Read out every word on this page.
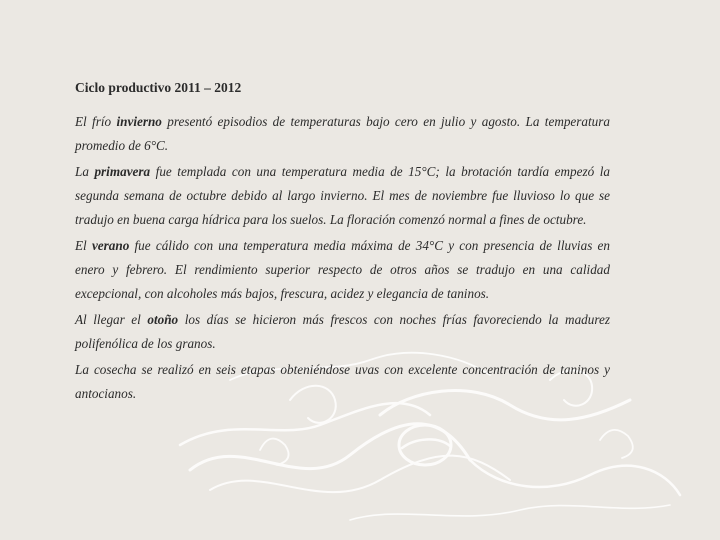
Ciclo productivo 2011 – 2012

El frío invierno presentó episodios de temperaturas bajo cero en julio y agosto. La temperatura promedio de 6°C.

La primavera fue templada con una temperatura media de 15°C; la brotación tardía empezó la segunda semana de octubre debido al largo invierno. El mes de noviembre fue lluvioso lo que se tradujo en buena carga hídrica para los suelos. La floración comenzó normal a fines de octubre.

El verano fue cálido con una temperatura media máxima de 34°C y con presencia de lluvias en enero y febrero. El rendimiento superior respecto de otros años se tradujo en una calidad excepcional, con alcoholes más bajos, frescura, acidez y elegancia de taninos.

Al llegar el otoño los días se hicieron más frescos con noches frías favoreciendo la madurez polifenólica de los granos.

La cosecha se realizó en seis etapas obteniéndose uvas con excelente concentración de taninos y antocianos.
